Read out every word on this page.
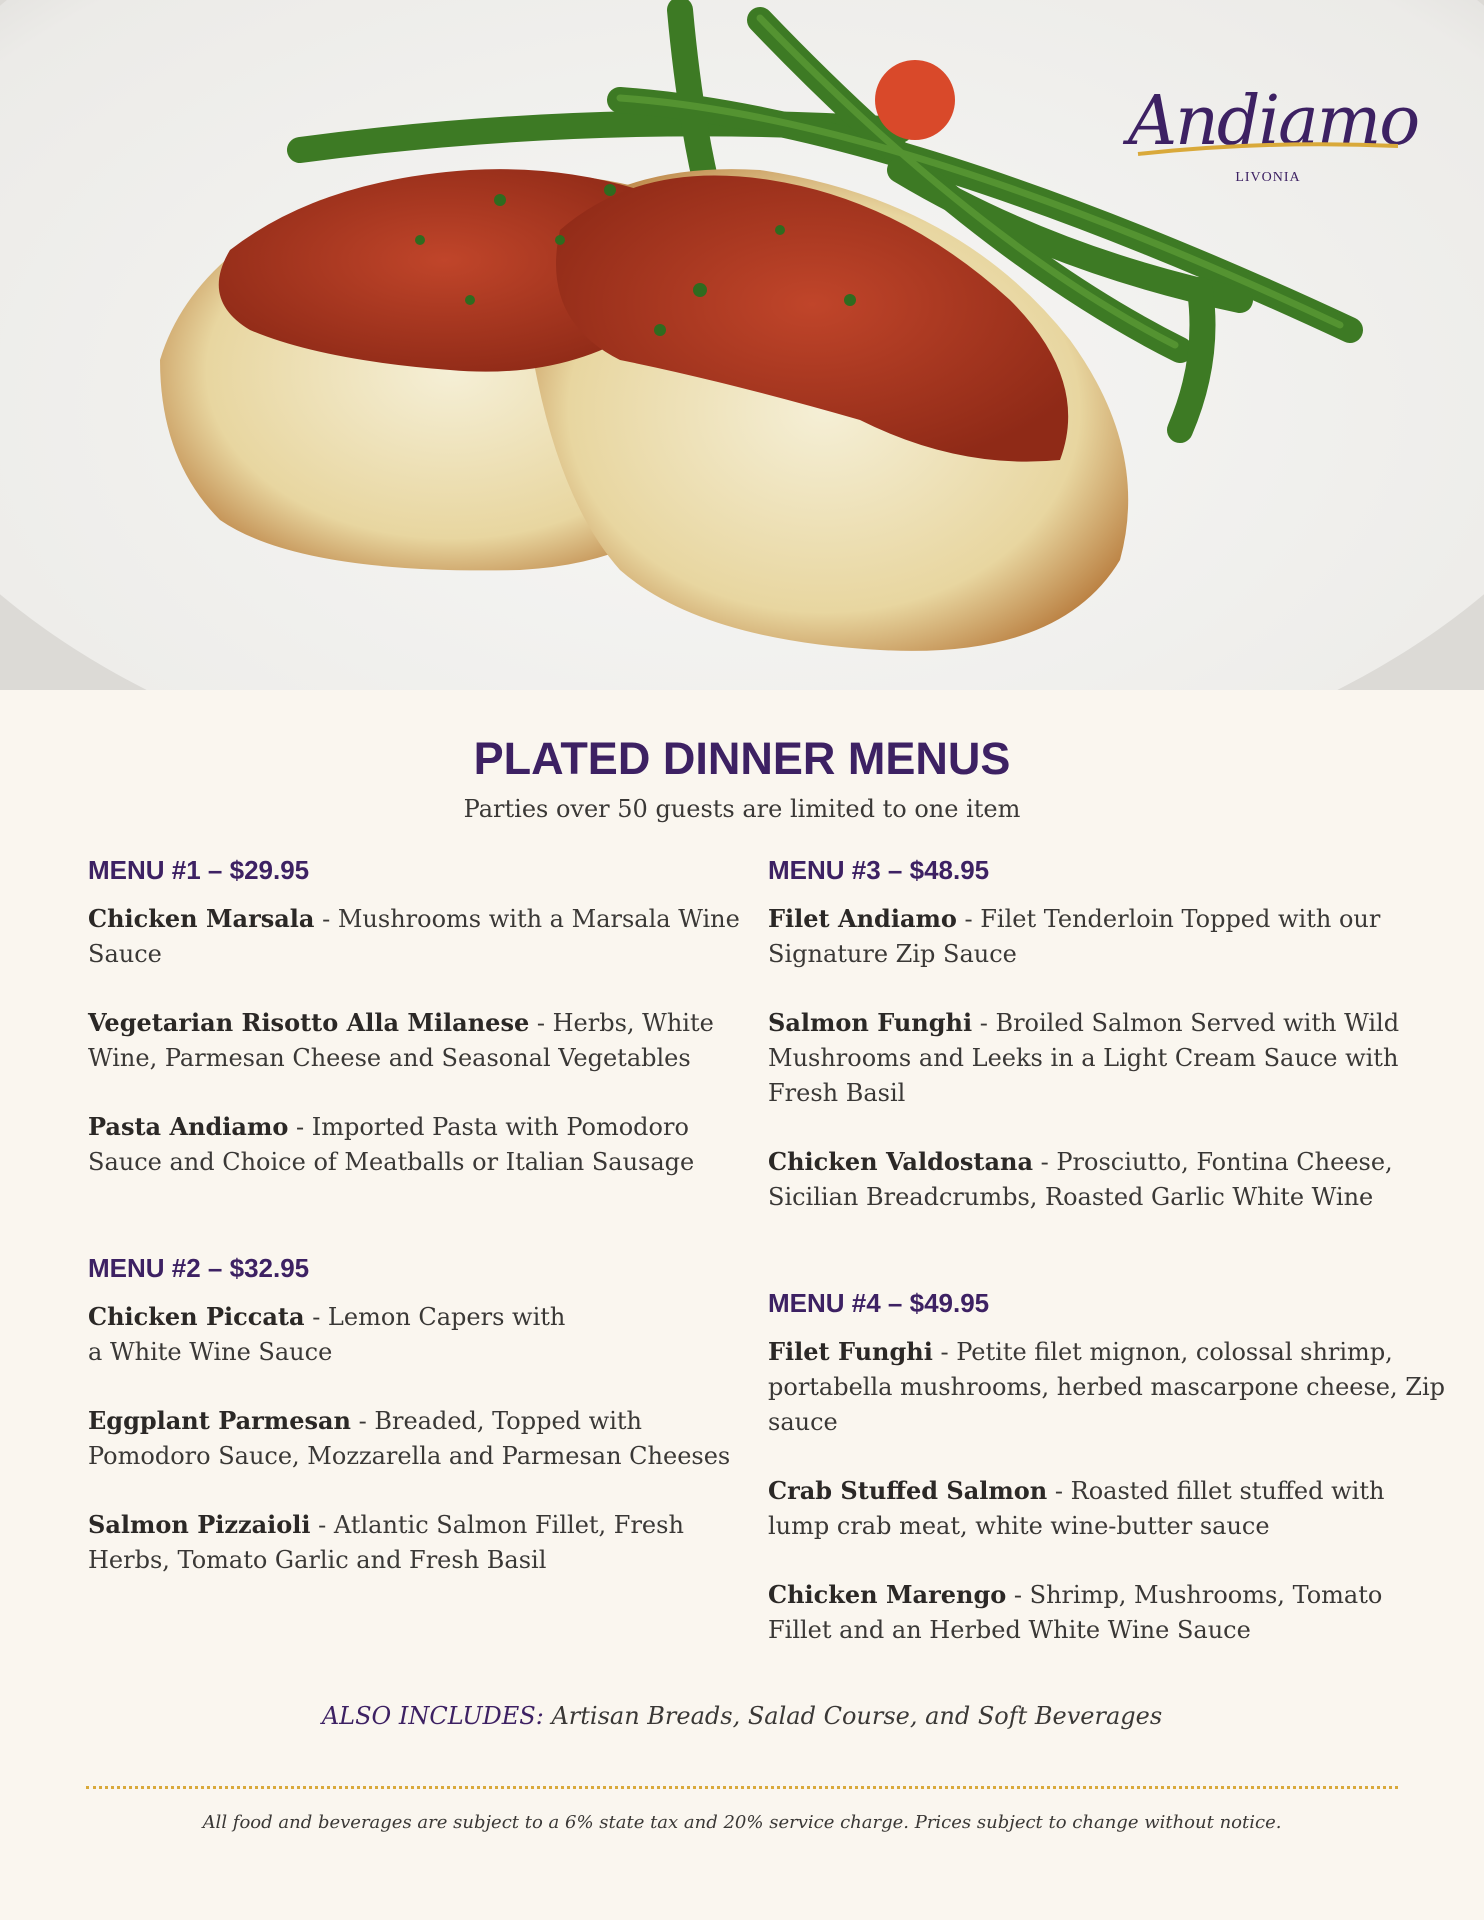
Andiamo
LIVONIA
PLATED DINNER MENUS
Parties over 50 guests are limited to one item
MENU #1 – $29.95
Chicken Marsala - Mushrooms with a Marsala Wine Sauce
Vegetarian Risotto Alla Milanese - Herbs, White Wine, Parmesan Cheese and Seasonal Vegetables
Pasta Andiamo - Imported Pasta with Pomodoro Sauce and Choice of Meatballs or Italian Sausage
MENU #2 – $32.95
Chicken Piccata - Lemon Capers with a White Wine Sauce
Eggplant Parmesan - Breaded, Topped with Pomodoro Sauce, Mozzarella and Parmesan Cheeses
Salmon Pizzaioli - Atlantic Salmon Fillet, Fresh Herbs, Tomato Garlic and Fresh Basil
MENU #3 – $48.95
Filet Andiamo - Filet Tenderloin Topped with our Signature Zip Sauce
Salmon Funghi - Broiled Salmon Served with Wild Mushrooms and Leeks in a Light Cream Sauce with Fresh Basil
Chicken Valdostana - Prosciutto, Fontina Cheese, Sicilian Breadcrumbs, Roasted Garlic White Wine
MENU #4 – $49.95
Filet Funghi - Petite filet mignon, colossal shrimp, portabella mushrooms, herbed mascarpone cheese, Zip sauce
Crab Stuffed Salmon - Roasted fillet stuffed with lump crab meat, white wine-butter sauce
Chicken Marengo - Shrimp, Mushrooms, Tomato Fillet and an Herbed White Wine Sauce
ALSO INCLUDES: Artisan Breads, Salad Course, and Soft Beverages
All food and beverages are subject to a 6% state tax and 20% service charge. Prices subject to change without notice.
